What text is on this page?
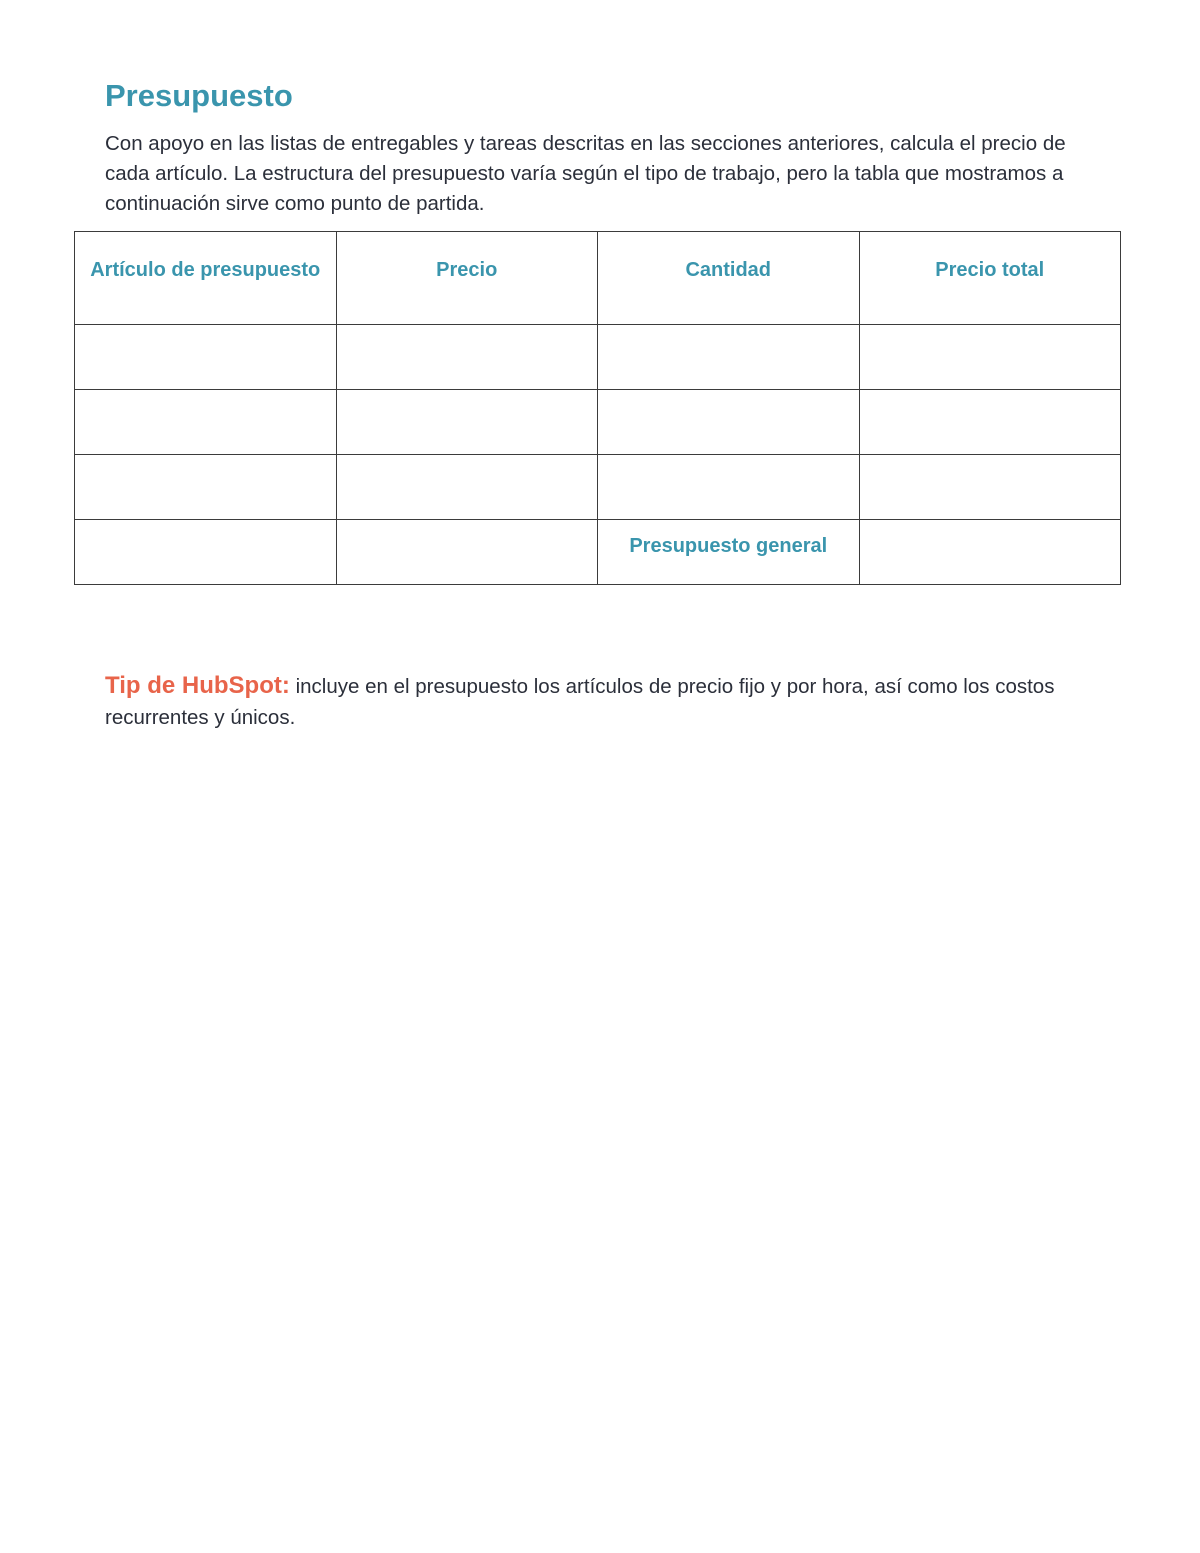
Presupuesto

Con apoyo en las listas de entregables y tareas descritas en las secciones anteriores, calcula el precio de cada artículo. La estructura del presupuesto varía según el tipo de trabajo, pero la tabla que mostramos a continuación sirve como punto de partida.

Artículo de presupuesto	Precio	Cantidad	Precio total

		Presupuesto general	

Tip de HubSpot: incluye en el presupuesto los artículos de precio fijo y por hora, así como los costos recurrentes y únicos.
